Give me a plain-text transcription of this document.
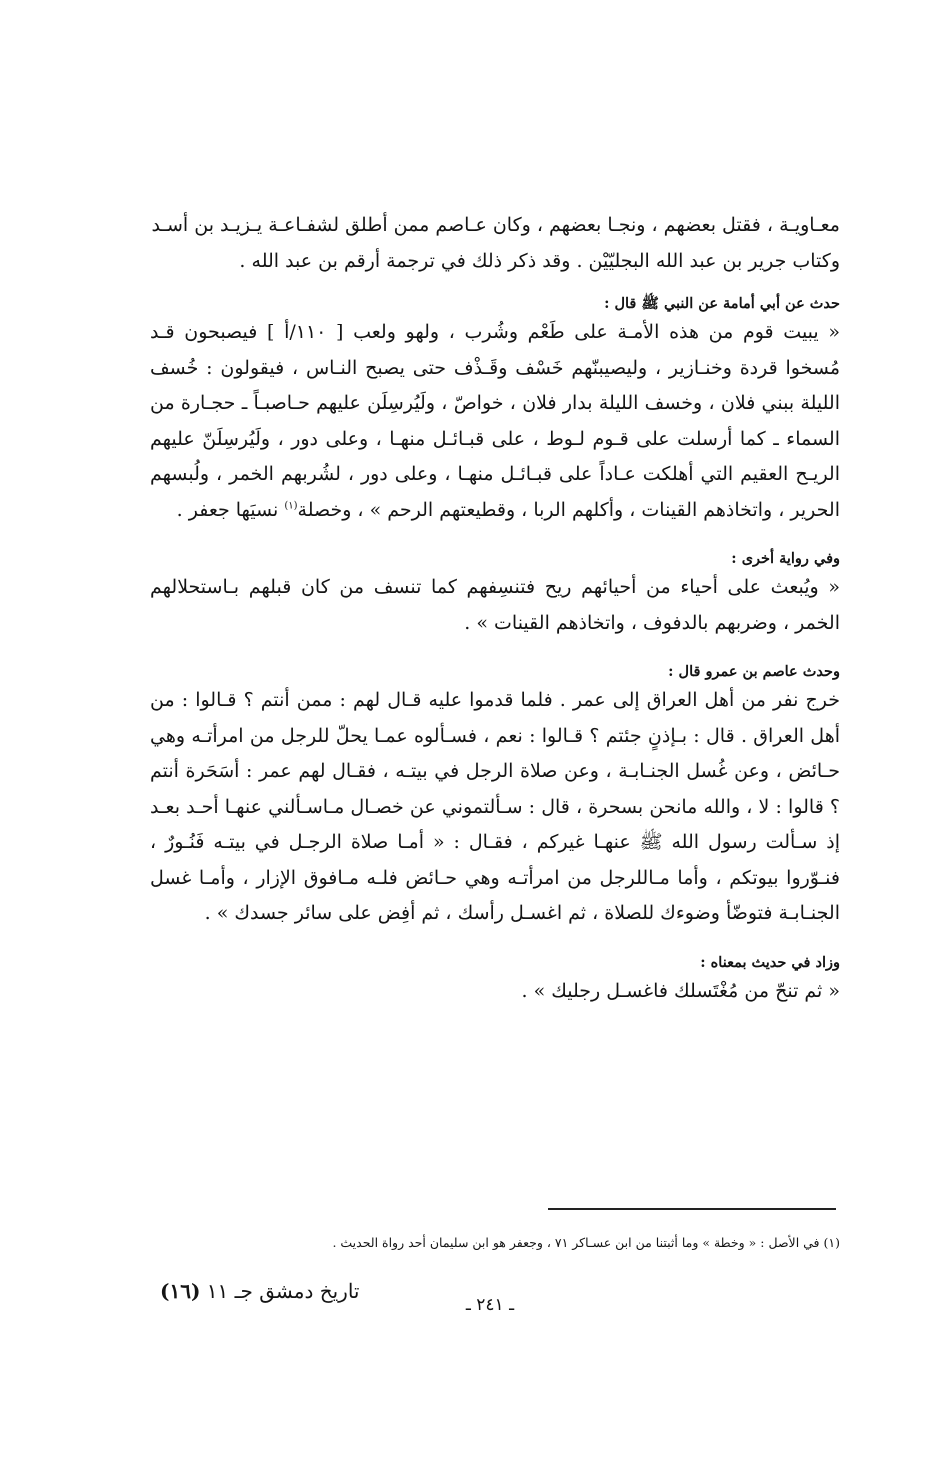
معـاويـة ، فقتل بعضهم ، ونجـا بعضهم ، وكان عـاصم ممن أطلق لشفـاعـة يـزيـد بن أسـد
وكتاب جرير بن عبد الله البجليّيْن . وقد ذكر ذلك في ترجمة أرقم بن عبد الله .

حدث عن أبي أمامة عن النبي ﷺ قال :

« يبيت قوم من هذه الأمـة على طَعْم وشُرب ، ولهو ولعب [ ١١٠/أ ] فيصبحون قـد مُسخوا قردة وخنـازير ، وليصيبنّهم خَسْف وقَـذْف حتى يصبح النـاس ، فيقولون : خُسف الليلة ببني فلان ، وخسف الليلة بدار فلان ، خواصّ ، ولَيُرسِلَن عليهم حـاصبـاً ـ حجـارة من السماء ـ كما أرسلت على قـوم لـوط ، على قبـائـل منهـا ، وعلى دور ، ولَيُرسِلَنّ عليهم الريـح العقيم التي أهلكت عـاداً على قبـائـل منهـا ، وعلى دور ، لشُربهم الخمر ، ولُبسهم الحرير ، واتخاذهم القينات ، وأكلهم الربا ، وقطيعتهم الرحم » ، وخصلة$^{(١)}$ نسيَها جعفر .

وفي رواية أخرى :

« ويُبعث على أحياء من أحيائهم ريح فتنسِفهم كما تنسف من كان قبلهم بـاستحلالهم الخمر ، وضربهم بالدفوف ، واتخاذهم القينات » .

وحدث عاصم بن عمرو قال :

خرج نفر من أهل العراق إلى عمر . فلما قدموا عليه قـال لهم : ممن أنتم ؟ قـالوا : من أهل العراق . قال : بـإذنٍ جئتم ؟ قـالوا : نعم ، فسـألوه عمـا يحلّ للرجل من امرأتـه وهي حـائض ، وعن غُسل الجنـابـة ، وعن صلاة الرجل في بيتـه ، فقـال لهم عمر : أسَحَرة أنتم ؟ قالوا : لا ، والله مانحن بسحرة ، قال : سـألتموني عن خصـال مـاسـألني عنهـا أحـد بعـد إذ سـألت رسول الله ﷺ عنهـا غيركم ، فقـال : « أمـا صلاة الرجـل في بيتـه فَنُـورٌ ، فنـوّروا بيوتكم ، وأما مـاللرجل من امرأتـه وهي حـائض فلـه مـافوق الإزار ، وأمـا غسل الجنـابـة فتوضّأ وضوءك للصلاة ، ثم اغسـل رأسك ، ثم أفِض على سائر جسدك » .

وزاد في حديث بمعناه :

« ثم تنحّ من مُغْتَسلك فاغسـل رجليك » .

(١) في الأصل : « وخطة » وما أثبتنا من ابن عسـاكر ٧١ ، وجعفر هو ابن سليمان أحد رواة الحديث .
تاريخ دمشق جـ ١١ (١٦)
ـ ٢٤١ ـ
